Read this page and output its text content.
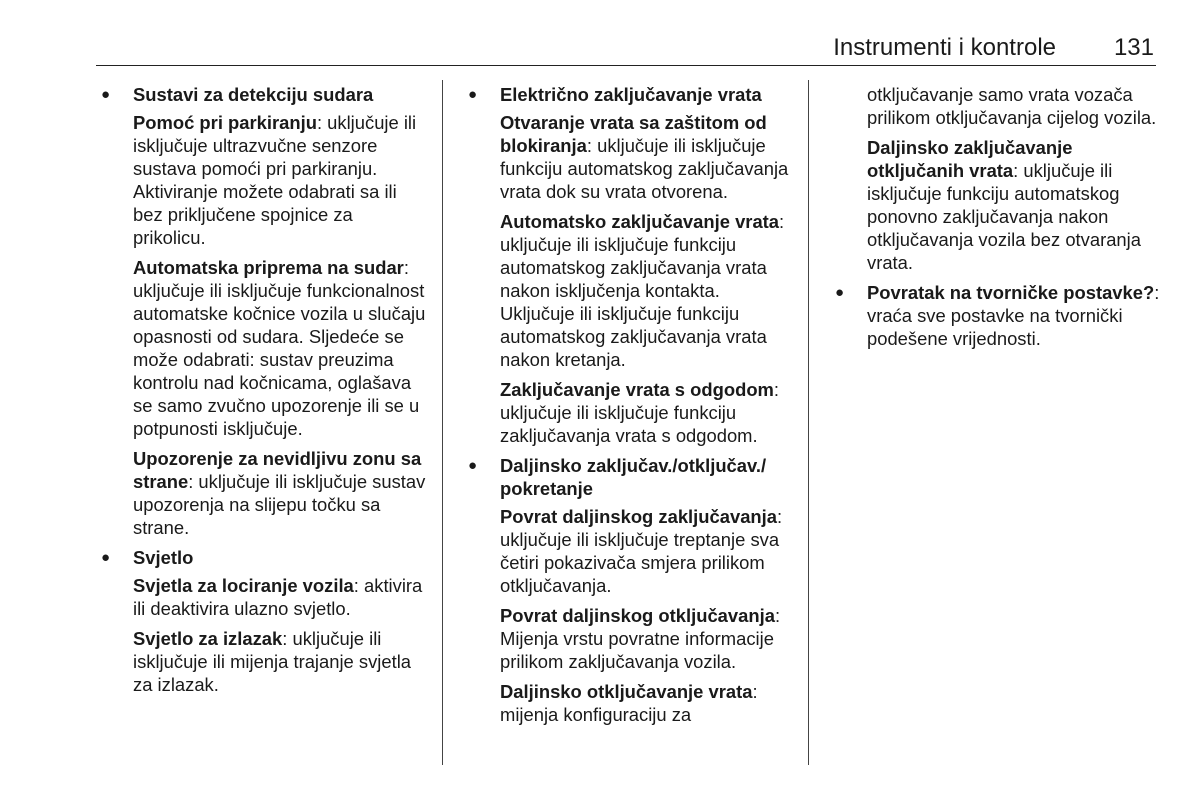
Instrumenti i kontrole 131
● Sustavi za detekciju sudara
Pomoć pri parkiranju: uključuje ili isključuje ultrazvučne senzore sustava pomoći pri parkiranju. Aktiviranje možete odabrati sa ili bez priključene spojnice za prikolicu.
Automatska priprema na sudar: uključuje ili isključuje funkcionalnost automatske kočnice vozila u slučaju opasnosti od sudara. Sljedeće se može odabrati: sustav preuzima kontrolu nad kočnicama, oglašava se samo zvučno upozorenje ili se u potpunosti isključuje.
Upozorenje za nevidljivu zonu sa strane: uključuje ili isključuje sustav upozorenja na slijepu točku sa strane.
● Svjetlo
Svjetla za lociranje vozila: aktivira ili deaktivira ulazno svjetlo.
Svjetlo za izlazak: uključuje ili isključuje ili mijenja trajanje svjetla za izlazak.
● Električno zaključavanje vrata
Otvaranje vrata sa zaštitom od blokiranja: uključuje ili isključuje funkciju automatskog zaključavanja vrata dok su vrata otvorena.
Automatsko zaključavanje vrata: uključuje ili isključuje funkciju automatskog zaključavanja vrata nakon isključenja kontakta. Uključuje ili isključuje funkciju automatskog zaključavanja vrata nakon kretanja.
Zaključavanje vrata s odgodom: uključuje ili isključuje funkciju zaključavanja vrata s odgodom.
● Daljinsko zaključav./otključav./ pokretanje
Povrat daljinskog zaključavanja: uključuje ili isključuje treptanje sva četiri pokazivača smjera prilikom otključavanja.
Povrat daljinskog otključavanja: Mijenja vrstu povratne informacije prilikom zaključavanja vozila.
Daljinsko otključavanje vrata: mijenja konfiguraciju za
otključavanje samo vrata vozača prilikom otključavanja cijelog vozila.
Daljinsko zaključavanje otključanih vrata: uključuje ili isključuje funkciju automatskog ponovno zaključavanja nakon otključavanja vozila bez otvaranja vrata.
● Povratak na tvorničke postavke?: vraća sve postavke na tvornički podešene vrijednosti.
